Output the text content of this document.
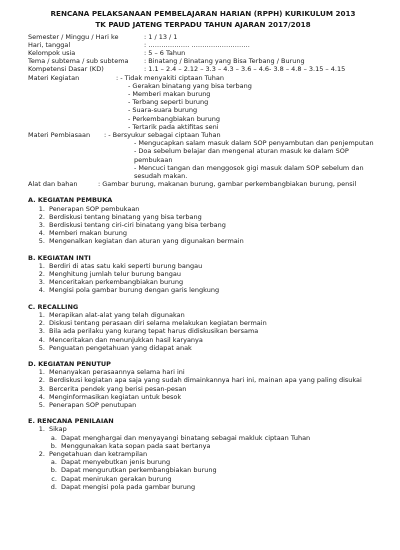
RENCANA PELAKSANAAN PEMBELAJARAN HARIAN (RPPH) KURIKULUM 2013
TK PAUD JATENG TERPADU TAHUN AJARAN 2017/2018
Semester / Minggu / Hari ke	: 1 / 13 / 1
Hari, tanggal	: ………………. ………………………
Kelompok usia	: 5 – 6 Tahun
Tema / subtema / sub subtema	: Binatang / Binatang yang Bisa Terbang / Burung
Kompetensi Dasar (KD)	: 1.1 – 2.4 – 2.12 – 3.3 – 4.3 – 3.6 – 4.6- 3.8 – 4.8 – 3.15 – 4.15
Materi Kegiatan	: - Tidak menyakiti ciptaan Tuhan
- Gerakan binatang yang bisa terbang
- Memberi makan burung
- Terbang seperti burung
- Suara-suara burung
- Perkembangbiakan burung
- Tertarik pada aktifitas seni
Materi Pembiasaan	: - Bersyukur sebagai ciptaan Tuhan
- Mengucapkan salam masuk dalam SOP penyambutan dan penjemputan
- Doa sebelum belajar dan mengenal aturan masuk ke dalam SOP pembukaan
- Mencuci tangan dan menggosok gigi masuk dalam SOP sebelum dan sesudah makan.
Alat dan bahan	: Gambar burung, makanan burung, gambar perkembangbiakan burung, pensil
A. KEGIATAN PEMBUKA
1. Penerapan SOP pembukaan
2. Berdiskusi tentang binatang yang bisa terbang
3. Berdiskusi tentang ciri-ciri binatang yang bisa terbang
4. Memberi makan burung
5. Mengenalkan kegiatan dan aturan yang digunakan bermain
B. KEGIATAN INTI
1. Berdiri di atas satu kaki seperti burung bangau
2. Menghitung jumlah telur burung bangau
3. Menceritakan perkembangbiakan burung
4. Mengisi pola gambar burung dengan garis lengkung
C. RECALLING
1. Merapikan alat-alat yang telah digunakan
2. Diskusi tentang perasaan diri selama melakukan kegiatan bermain
3. Bila ada perilaku yang kurang tepat harus didiskusikan bersama
4. Menceritakan dan menunjukkan hasil karyanya
5. Penguatan pengetahuan yang didapat anak
D. KEGIATAN PENUTUP
1. Menanyakan perasaannya selama hari ini
2. Berdiskusi kegiatan apa saja yang sudah dimainkannya hari ini, mainan apa yang paling disukai
3. Bercerita pendek yang berisi pesan-pesan
4. Menginformasikan kegiatan untuk besok
5. Penerapan SOP penutupan
E. RENCANA PENILAIAN
1. Sikap
a. Dapat menghargai dan menyayangi binatang sebagai makluk ciptaan Tuhan
b. Menggunakan kata sopan pada saat bertanya
2. Pengetahuan dan ketrampilan
a. Dapat menyebutkan jenis burung
b. Dapat mengurutkan perkembangbiakan burung
c. Dapat menirukan gerakan burung
d. Dapat mengisi pola pada gambar burung
